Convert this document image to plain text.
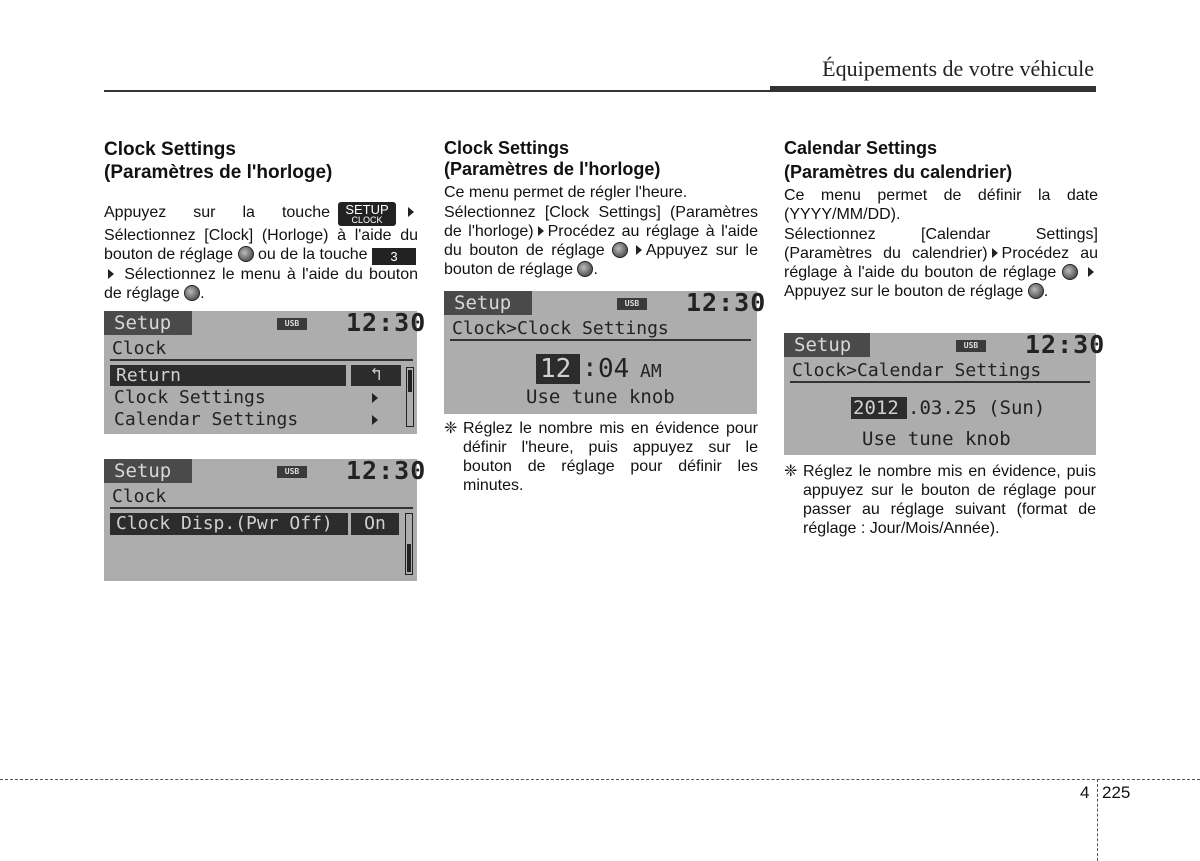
Équipements de votre véhicule
Clock Settings
(Paramètres de l'horloge)
Appuyez sur la touche	SETUP
CLOCK
Sélectionnez [Clock] (Horloge) à l'aide du bouton de réglage ou de la touche 3 Sélectionnez le menu à l'aide du bouton de réglage .
Setup	USB	12:30
Clock
Return	↰
Clock Settings
Calendar Settings
Setup	USB	12:30
Clock
Clock Disp.(Pwr Off)	On
Clock Settings
(Paramètres de l'horloge)
Ce menu permet de régler l'heure.
Sélectionnez [Clock Settings] (Paramètres de l'horloge) Procédez au réglage à l'aide du bouton de réglage	Appuyez sur le bouton de réglage .
Setup	USB	12:30
Clock>Clock Settings
12 : 04 AM
Use tune knob
❈ Réglez le nombre mis en évidence pour définir l'heure, puis appuyez sur le bouton de réglage pour définir les minutes.
Calendar Settings
(Paramètres du calendrier)
Ce menu permet de définir la date (YYYY/MM/DD).
Sélectionnez [Calendar Settings] (Paramètres du calendrier) Procédez au réglage à l'aide du bouton de réglage  Appuyez sur le bouton de réglage .
Setup	USB	12:30
Clock>Calendar Settings
2012 .03.25 (Sun)
Use tune knob
❈ Réglez le nombre mis en évidence, puis appuyez sur le bouton de réglage pour passer au réglage suivant (format de réglage : Jour/Mois/Année).
4 225
